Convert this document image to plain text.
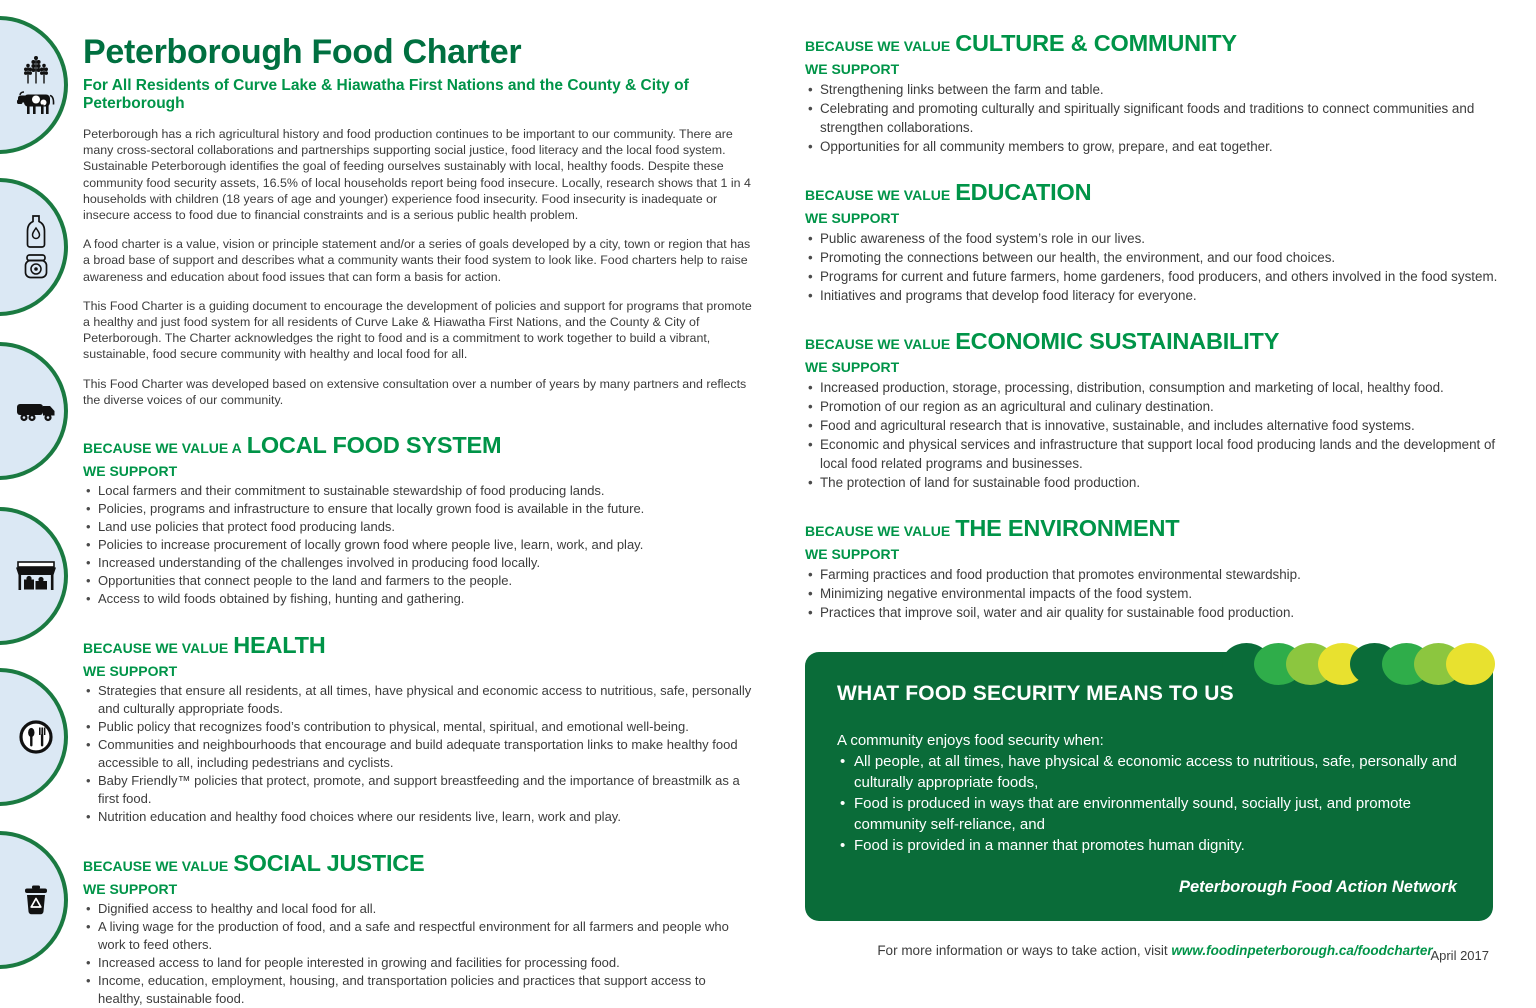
Peterborough Food Charter
For All Residents of Curve Lake & Hiawatha First Nations and the County & City of Peterborough

Peterborough has a rich agricultural history and food production continues to be important to our community. There are many cross-sectoral collaborations and partnerships supporting social justice, food literacy and the local food system. Sustainable Peterborough identifies the goal of feeding ourselves sustainably with local, healthy foods. Despite these community food security assets, 16.5% of local households report being food insecure. Locally, research shows that 1 in 4 households with children (18 years of age and younger) experience food insecurity. Food insecurity is inadequate or insecure access to food due to financial constraints and is a serious public health problem.

A food charter is a value, vision or principle statement and/or a series of goals developed by a city, town or region that has a broad base of support and describes what a community wants their food system to look like. Food charters help to raise awareness and education about food issues that can form a basis for action.

This Food Charter is a guiding document to encourage the development of policies and support for programs that promote a healthy and just food system for all residents of Curve Lake & Hiawatha First Nations, and the County & City of Peterborough. The Charter acknowledges the right to food and is a commitment to work together to build a vibrant, sustainable, food secure community with healthy and local food for all.

This Food Charter was developed based on extensive consultation over a number of years by many partners and reflects the diverse voices of our community.

BECAUSE WE VALUE A LOCAL FOOD SYSTEM
WE SUPPORT
• Local farmers and their commitment to sustainable stewardship of food producing lands.
• Policies, programs and infrastructure to ensure that locally grown food is available in the future.
• Land use policies that protect food producing lands.
• Policies to increase procurement of locally grown food where people live, learn, work, and play.
• Increased understanding of the challenges involved in producing food locally.
• Opportunities that connect people to the land and farmers to the people.
• Access to wild foods obtained by fishing, hunting and gathering.
BECAUSE WE VALUE HEALTH
WE SUPPORT
• Strategies that ensure all residents, at all times, have physical and economic access to nutritious, safe, personally and culturally appropriate foods.
• Public policy that recognizes food’s contribution to physical, mental, spiritual, and emotional well-being.
• Communities and neighbourhoods that encourage and build adequate transportation links to make healthy food accessible to all, including pedestrians and cyclists.
• Baby Friendly™ policies that protect, promote, and support breastfeeding and the importance of breastmilk as a first food.
• Nutrition education and healthy food choices where our residents live, learn, work and play.
BECAUSE WE VALUE SOCIAL JUSTICE
WE SUPPORT
• Dignified access to healthy and local food for all.
• A living wage for the production of food, and a safe and respectful environment for all farmers and people who work to feed others.
• Increased access to land for people interested in growing and facilities for processing food.
• Income, education, employment, housing, and transportation policies and practices that support access to healthy, sustainable food.
BECAUSE WE VALUE CULTURE & COMMUNITY
WE SUPPORT
• Strengthening links between the farm and table.
• Celebrating and promoting culturally and spiritually significant foods and traditions to connect communities and strengthen collaborations.
• Opportunities for all community members to grow, prepare, and eat together.
BECAUSE WE VALUE EDUCATION
WE SUPPORT
• Public awareness of the food system’s role in our lives.
• Promoting the connections between our health, the environment, and our food choices.
• Programs for current and future farmers, home gardeners, food producers, and others involved in the food system.
• Initiatives and programs that develop food literacy for everyone.
BECAUSE WE VALUE ECONOMIC SUSTAINABILITY
WE SUPPORT
• Increased production, storage, processing, distribution, consumption and marketing of local, healthy food.
• Promotion of our region as an agricultural and culinary destination.
• Food and agricultural research that is innovative, sustainable, and includes alternative food systems.
• Economic and physical services and infrastructure that support local food producing lands and the development of local food related programs and businesses.
• The protection of land for sustainable food production.
BECAUSE WE VALUE THE ENVIRONMENT
WE SUPPORT
• Farming practices and food production that promotes environmental stewardship.
• Minimizing negative environmental impacts of the food system.
• Practices that improve soil, water and air quality for sustainable food production.
WHAT FOOD SECURITY MEANS TO US

A community enjoys food security when:

• All people, at all times, have physical & economic access to nutritious, safe, personally and culturally appropriate foods,
• Food is produced in ways that are environmentally sound, socially just, and promote community self-reliance, and
• Food is provided in a manner that promotes human dignity.
Peterborough Food Action Network
For more information or ways to take action, visit www.foodinpeterborough.ca/foodcharter
April 2017
